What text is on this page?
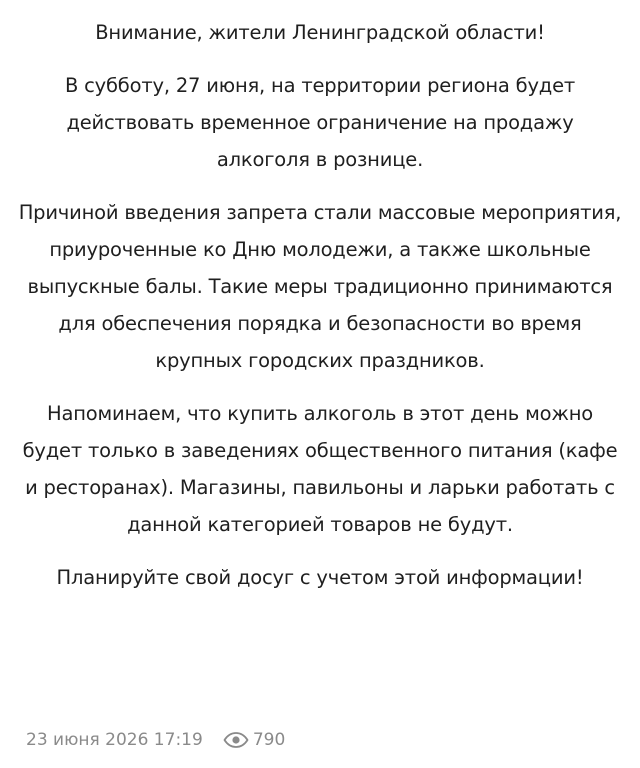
Внимание, жители Ленинградской области!

В субботу, 27 июня, на территории региона будет действовать временное ограничение на продажу алкоголя в рознице.

Причиной введения запрета стали массовые мероприятия, приуроченные ко Дню молодежи, а также школьные выпускные балы. Такие меры традиционно принимаются для обеспечения порядка и безопасности во время крупных городских праздников.

Напоминаем, что купить алкоголь в этот день можно будет только в заведениях общественного питания (кафе и ресторанах). Магазины, павильоны и ларьки работать с данной категорией товаров не будут.

Планируйте свой досуг с учетом этой информации!

23 июня 2026 17:19	790
